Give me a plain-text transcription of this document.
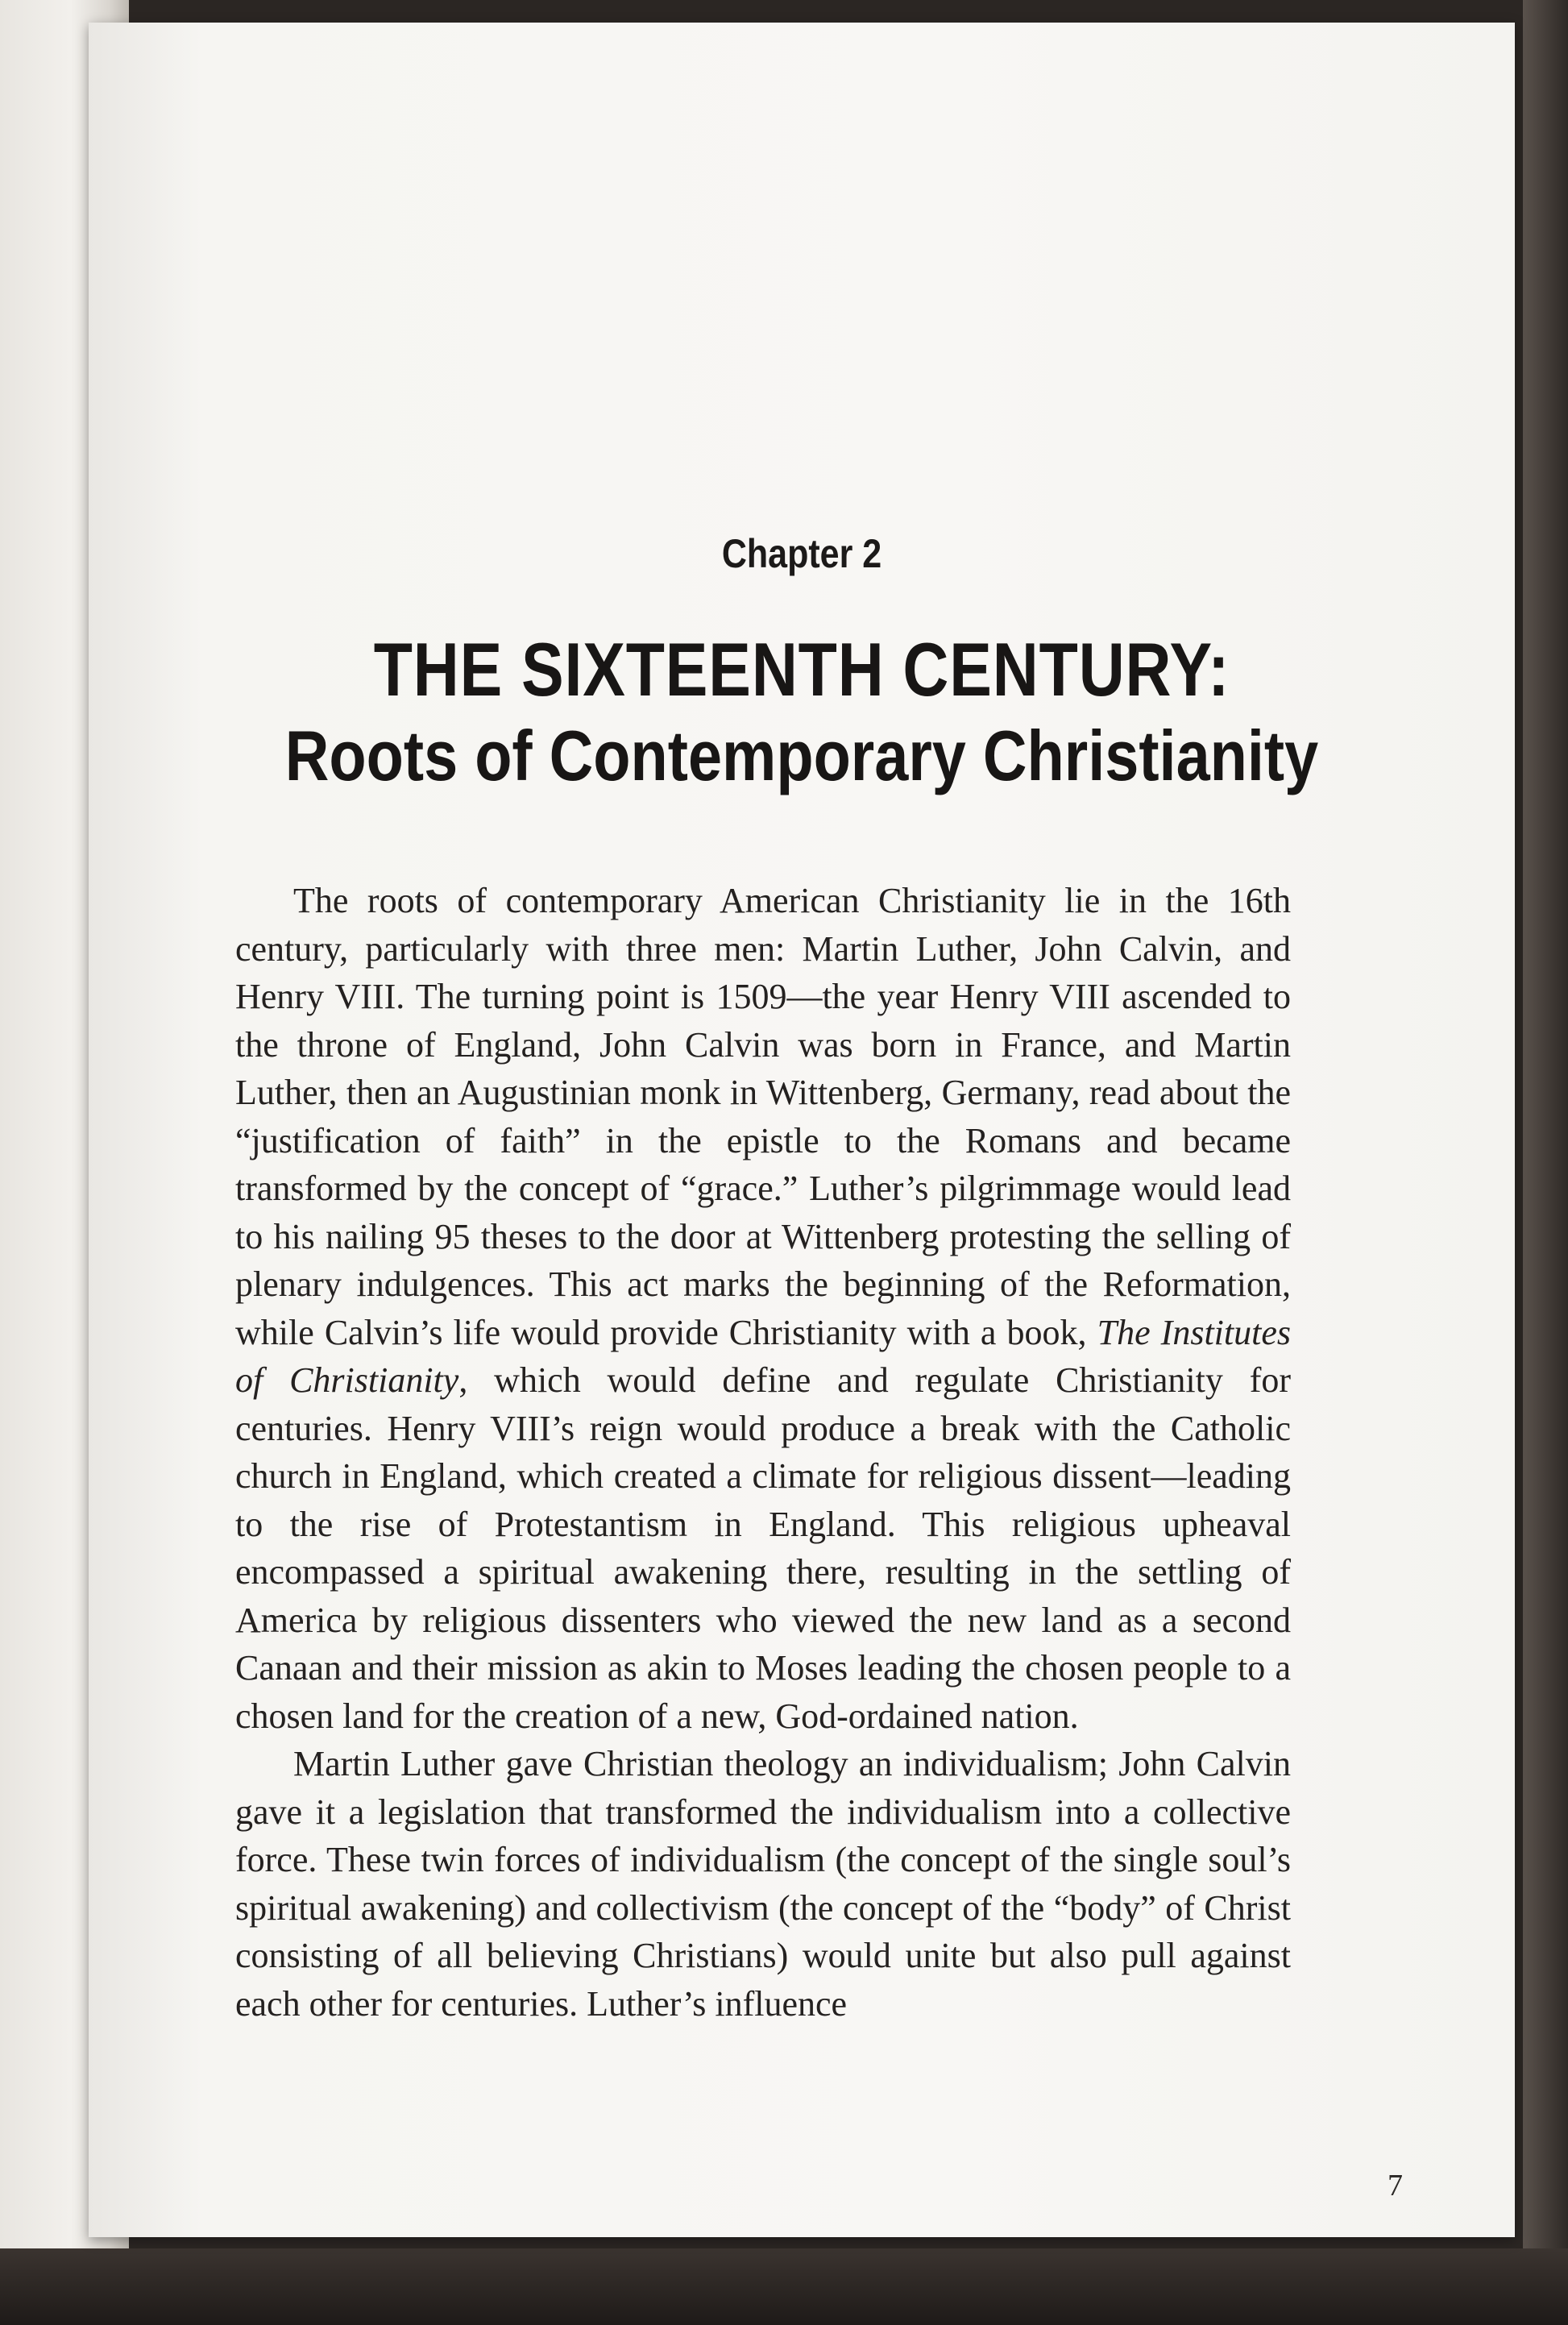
Chapter 2
THE SIXTEENTH CENTURY:
Roots of Contemporary Christianity

The roots of contemporary American Christianity lie in the 16th century, particularly with three men: Martin Luther, John Calvin, and Henry VIII. The turning point is 1509—the year Henry VIII ascended to the throne of England, John Calvin was born in France, and Martin Luther, then an Augustinian monk in Wittenberg, Germany, read about the “justification of faith” in the epistle to the Romans and became transformed by the concept of “grace.” Luther’s pilgrimmage would lead to his nailing 95 theses to the door at Wittenberg protesting the selling of plenary indulgences. This act marks the beginning of the Reformation, while Calvin’s life would provide Christianity with a book, The Institutes of Christianity, which would define and regulate Christianity for centuries. Henry VIII’s reign would produce a break with the Catholic church in England, which created a climate for religious dissent—leading to the rise of Protestantism in England. This religious upheaval encompassed a spiritual awakening there, resulting in the settling of America by religious dissenters who viewed the new land as a second Canaan and their mission as akin to Moses leading the chosen people to a chosen land for the creation of a new, God-ordained nation.

Martin Luther gave Christian theology an individualism; John Calvin gave it a legislation that transformed the individualism into a collective force. These twin forces of individualism (the concept of the single soul’s spiritual awakening) and collectivism (the concept of the “body” of Christ consisting of all believing Christians) would unite but also pull against each other for centuries. Luther’s influence

7
